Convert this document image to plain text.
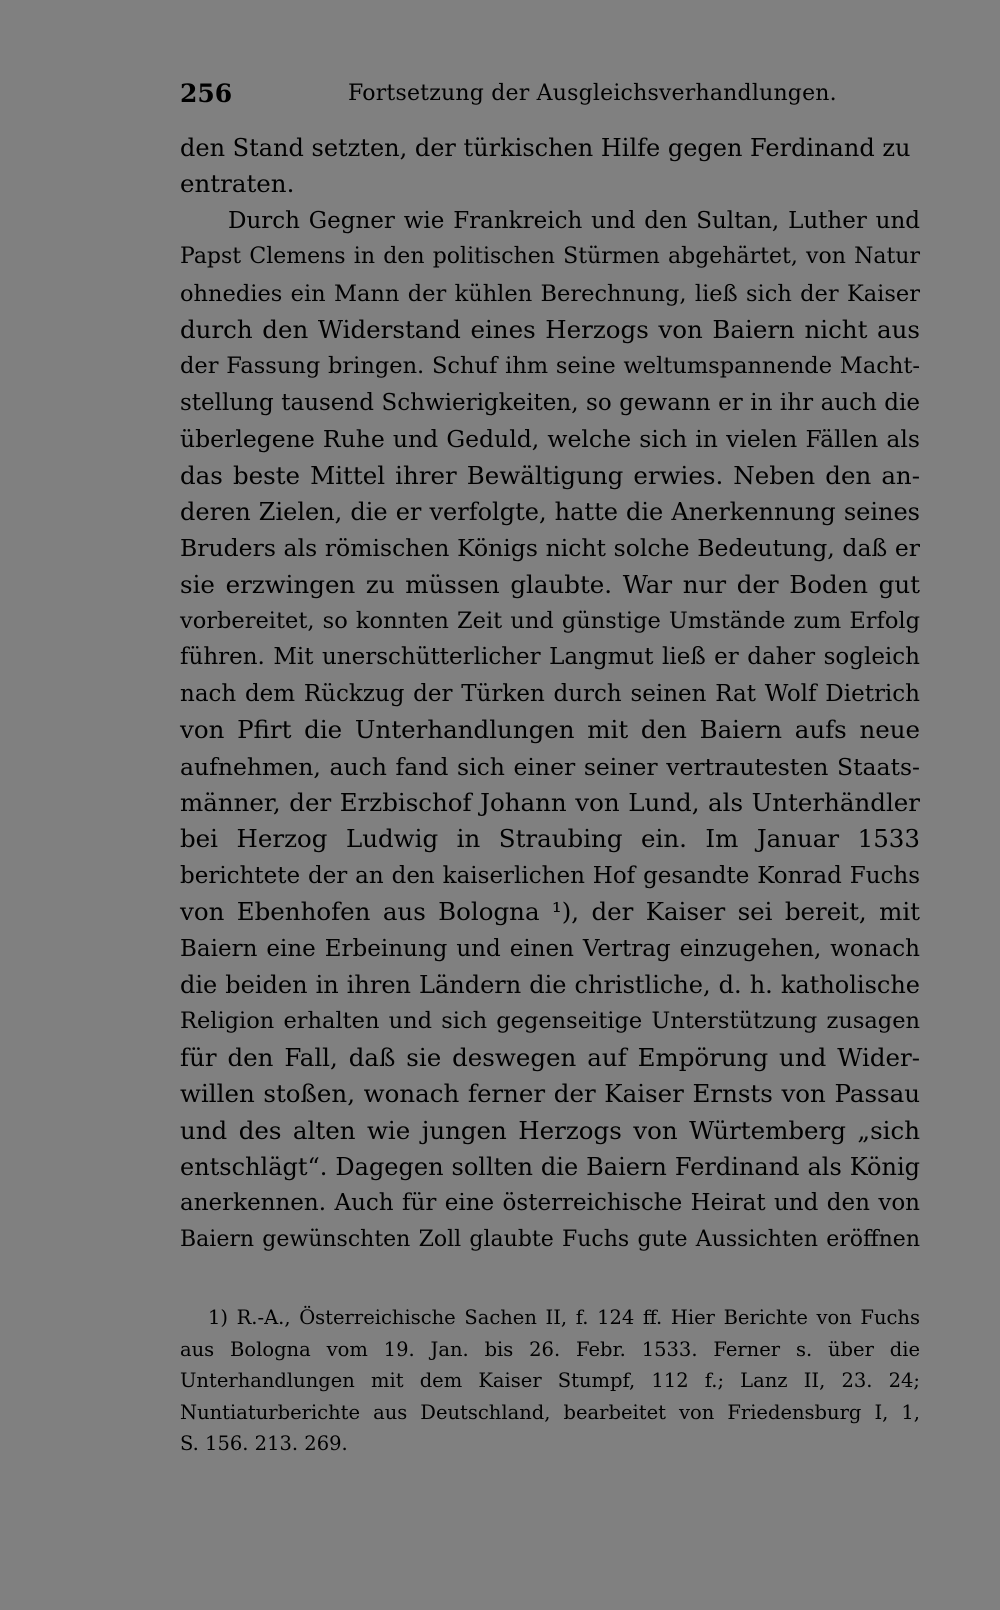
256	Fortsetzung der Ausgleichsverhandlungen.
den Stand setzten, der türkischen Hilfe gegen Ferdinand zu
entraten.
Durch Gegner wie Frankreich und den Sultan, Luther und
Papst Clemens in den politischen Stürmen abgehärtet, von Natur
ohnedies ein Mann der kühlen Berechnung, ließ sich der Kaiser
durch den Widerstand eines Herzogs von Baiern nicht aus
der Fassung bringen. Schuf ihm seine weltumspannende Macht-
stellung tausend Schwierigkeiten, so gewann er in ihr auch die
überlegene Ruhe und Geduld, welche sich in vielen Fällen als
das beste Mittel ihrer Bewältigung erwies. Neben den an-
deren Zielen, die er verfolgte, hatte die Anerkennung seines
Bruders als römischen Königs nicht solche Bedeutung, daß er
sie erzwingen zu müssen glaubte. War nur der Boden gut
vorbereitet, so konnten Zeit und günstige Umstände zum Erfolg
führen. Mit unerschütterlicher Langmut ließ er daher sogleich
nach dem Rückzug der Türken durch seinen Rat Wolf Dietrich
von Pfirt die Unterhandlungen mit den Baiern aufs neue
aufnehmen, auch fand sich einer seiner vertrautesten Staats-
männer, der Erzbischof Johann von Lund, als Unterhändler
bei Herzog Ludwig in Straubing ein. Im Januar 1533
berichtete der an den kaiserlichen Hof gesandte Konrad Fuchs
von Ebenhofen aus Bologna ¹), der Kaiser sei bereit, mit
Baiern eine Erbeinung und einen Vertrag einzugehen, wonach
die beiden in ihren Ländern die christliche, d. h. katholische
Religion erhalten und sich gegenseitige Unterstützung zusagen
für den Fall, daß sie deswegen auf Empörung und Wider-
willen stoßen, wonach ferner der Kaiser Ernsts von Passau
und des alten wie jungen Herzogs von Würtemberg „sich
entschlägt“. Dagegen sollten die Baiern Ferdinand als König
anerkennen. Auch für eine österreichische Heirat und den von
Baiern gewünschten Zoll glaubte Fuchs gute Aussichten eröffnen
1) R.-A., Österreichische Sachen II, f. 124 ff. Hier Berichte von Fuchs
aus Bologna vom 19. Jan. bis 26. Febr. 1533. Ferner s. über die
Unterhandlungen mit dem Kaiser Stumpf, 112 f.; Lanz II, 23. 24;
Nuntiaturberichte aus Deutschland, bearbeitet von Friedensburg I, 1,
S. 156. 213. 269.
